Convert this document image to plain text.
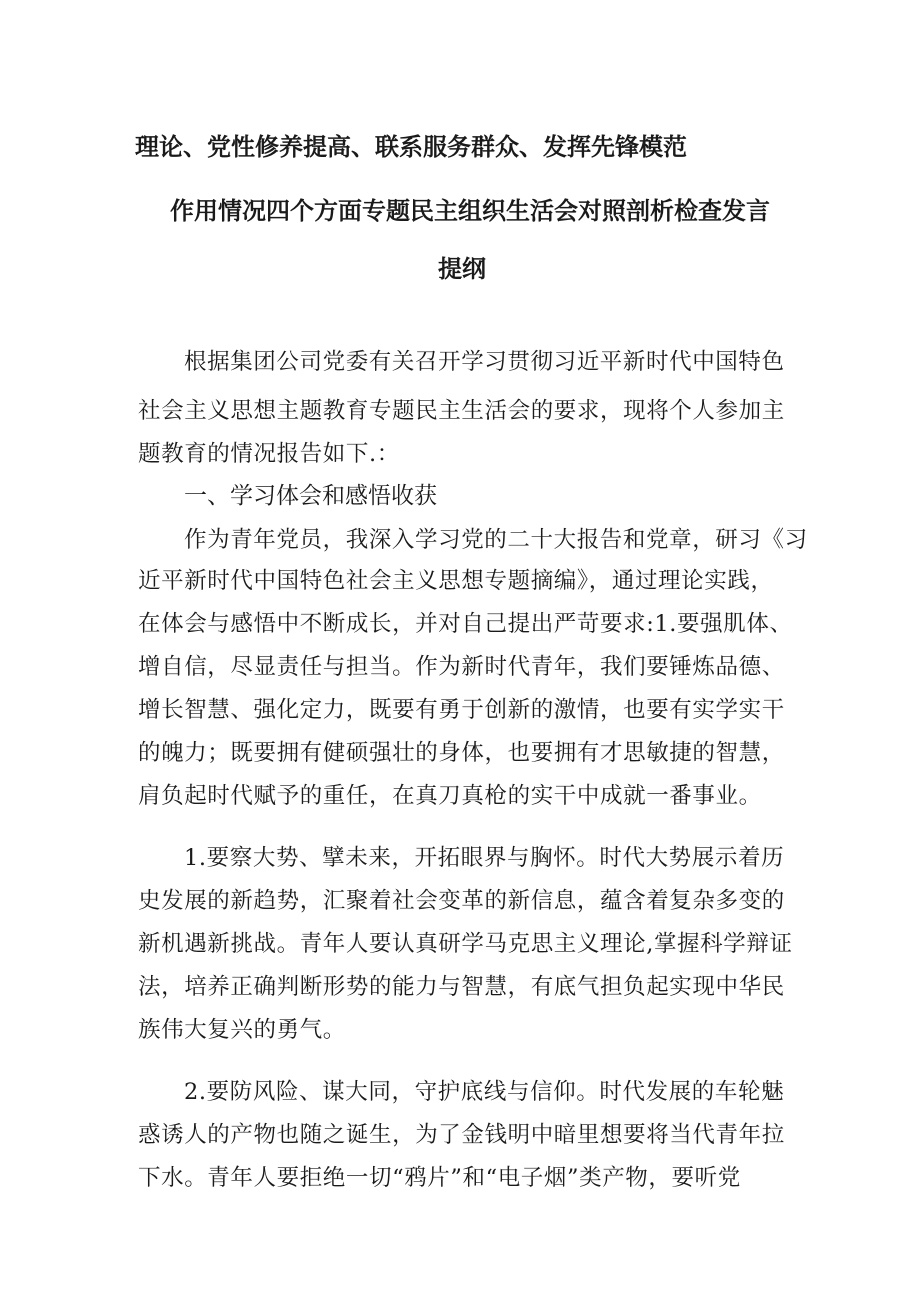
理论、党性修养提高、联系服务群众、发挥先锋模范
作用情况四个方面专题民主组织生活会对照剖析检查发言
提纲
根据集团公司党委有关召开学习贯彻习近平新时代中国特色
社会主义思想主题教育专题民主生活会的要求，现将个人参加主
题教育的情况报告如下.：
一、学习体会和感悟收获
作为青年党员，我深入学习党的二十大报告和党章，研习《习
近平新时代中国特色社会主义思想专题摘编》，通过理论实践，
在体会与感悟中不断成长，并对自己提出严苛要求:1.要强肌体、
增自信，尽显责任与担当。作为新时代青年，我们要锤炼品德、
增长智慧、强化定力，既要有勇于创新的激情，也要有实学实干
的魄力；既要拥有健硕强壮的身体，也要拥有才思敏捷的智慧，
肩负起时代赋予的重任，在真刀真枪的实干中成就一番事业。
1.要察大势、擘未来，开拓眼界与胸怀。时代大势展示着历
史发展的新趋势，汇聚着社会变革的新信息，蕴含着复杂多变的
新机遇新挑战。青年人要认真研学马克思主义理论,掌握科学辩证
法，培养正确判断形势的能力与智慧，有底气担负起实现中华民
族伟大复兴的勇气。
2.要防风险、谋大同，守护底线与信仰。时代发展的车轮魅
惑诱人的产物也随之诞生，为了金钱明中暗里想要将当代青年拉
下水。青年人要拒绝一切“鸦片”和“电子烟”类产物，要听党
